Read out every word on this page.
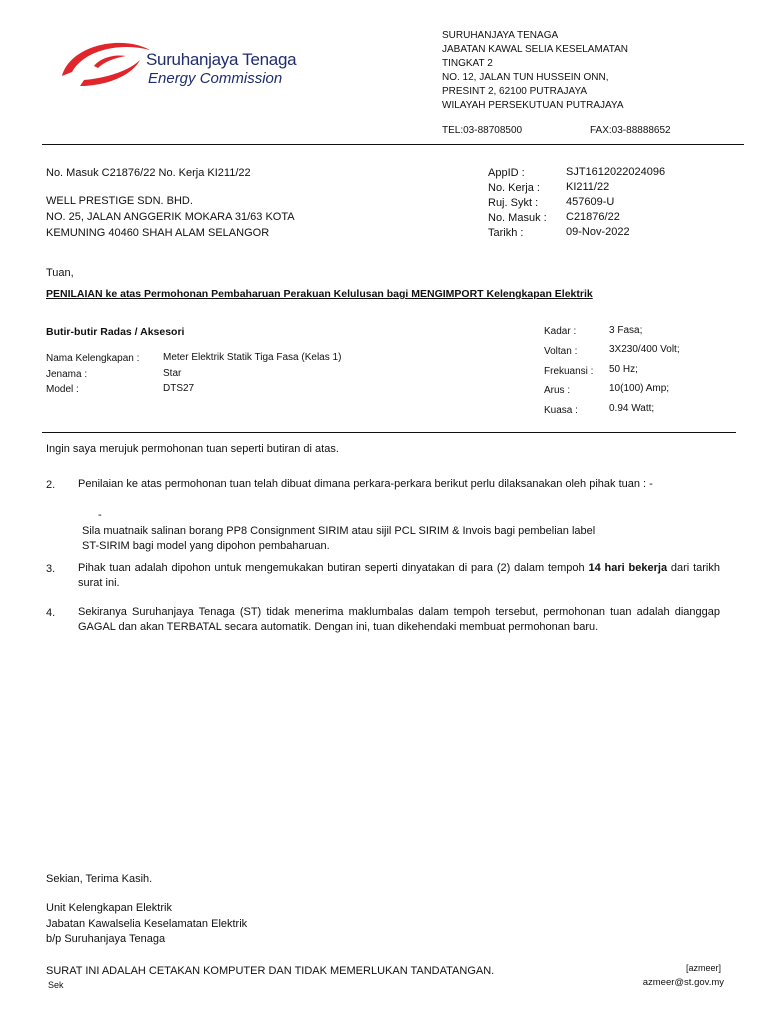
Suruhanjaya Tenaga
Energy Commission
SURUHANJAYA TENAGA
JABATAN KAWAL SELIA KESELAMATAN
TINGKAT 2
NO. 12, JALAN TUN HUSSEIN ONN,
PRESINT 2, 62100 PUTRAJAYA
WILAYAH PERSEKUTUAN PUTRAJAYA
TEL:03-88708500	FAX:03-88888652
No. Masuk C21876/22 No. Kerja KI211/22
WELL PRESTIGE SDN. BHD.
NO. 25, JALAN ANGGERIK MOKARA 31/63 KOTA
KEMUNING 40460 SHAH ALAM SELANGOR
AppID :	SJT1612022024096
No. Kerja : KI211/22
Ruj. Sykt :	457609-U
No. Masuk : C21876/22
Tarikh :	09-Nov-2022
Tuan,
PENILAIAN ke atas Permohonan Pembaharuan Perakuan Kelulusan bagi MENGIMPORT Kelengkapan Elektrik
Butir-butir Radas / Aksesori
Nama Kelengkapan : Meter Elektrik Statik Tiga Fasa (Kelas 1)
Jenama :	Star
Model :	DTS27
Kadar :	3 Fasa;
Voltan :	3X230/400 Volt;
Frekuansi : 50 Hz;
Arus :	10(100) Amp;
Kuasa :	0.94 Watt;
Ingin saya merujuk permohonan tuan seperti butiran di atas.
2. Penilaian ke atas permohonan tuan telah dibuat dimana perkara-perkara berikut perlu dilaksanakan oleh pihak tuan : -
-
Sila muatnaik salinan borang PP8 Consignment SIRIM atau sijil PCL SIRIM & Invois bagi pembelian label
ST-SIRIM bagi model yang dipohon pembaharuan.
3. Pihak tuan adalah dipohon untuk mengemukakan butiran seperti dinyatakan di para (2) dalam tempoh 14 hari bekerja dari tarikh surat ini.
4. Sekiranya Suruhanjaya Tenaga (ST) tidak menerima maklumbalas dalam tempoh tersebut, permohonan tuan adalah dianggap GAGAL dan akan TERBATAL secara automatik. Dengan ini, tuan dikehendaki membuat permohonan baru.
Sekian, Terima Kasih.
Unit Kelengkapan Elektrik
Jabatan Kawalselia Keselamatan Elektrik
b/p Suruhanjaya Tenaga
SURAT INI ADALAH CETAKAN KOMPUTER DAN TIDAK MEMERLUKAN TANDATANGAN.
Sek
[azmeer]
azmeer@st.gov.my
